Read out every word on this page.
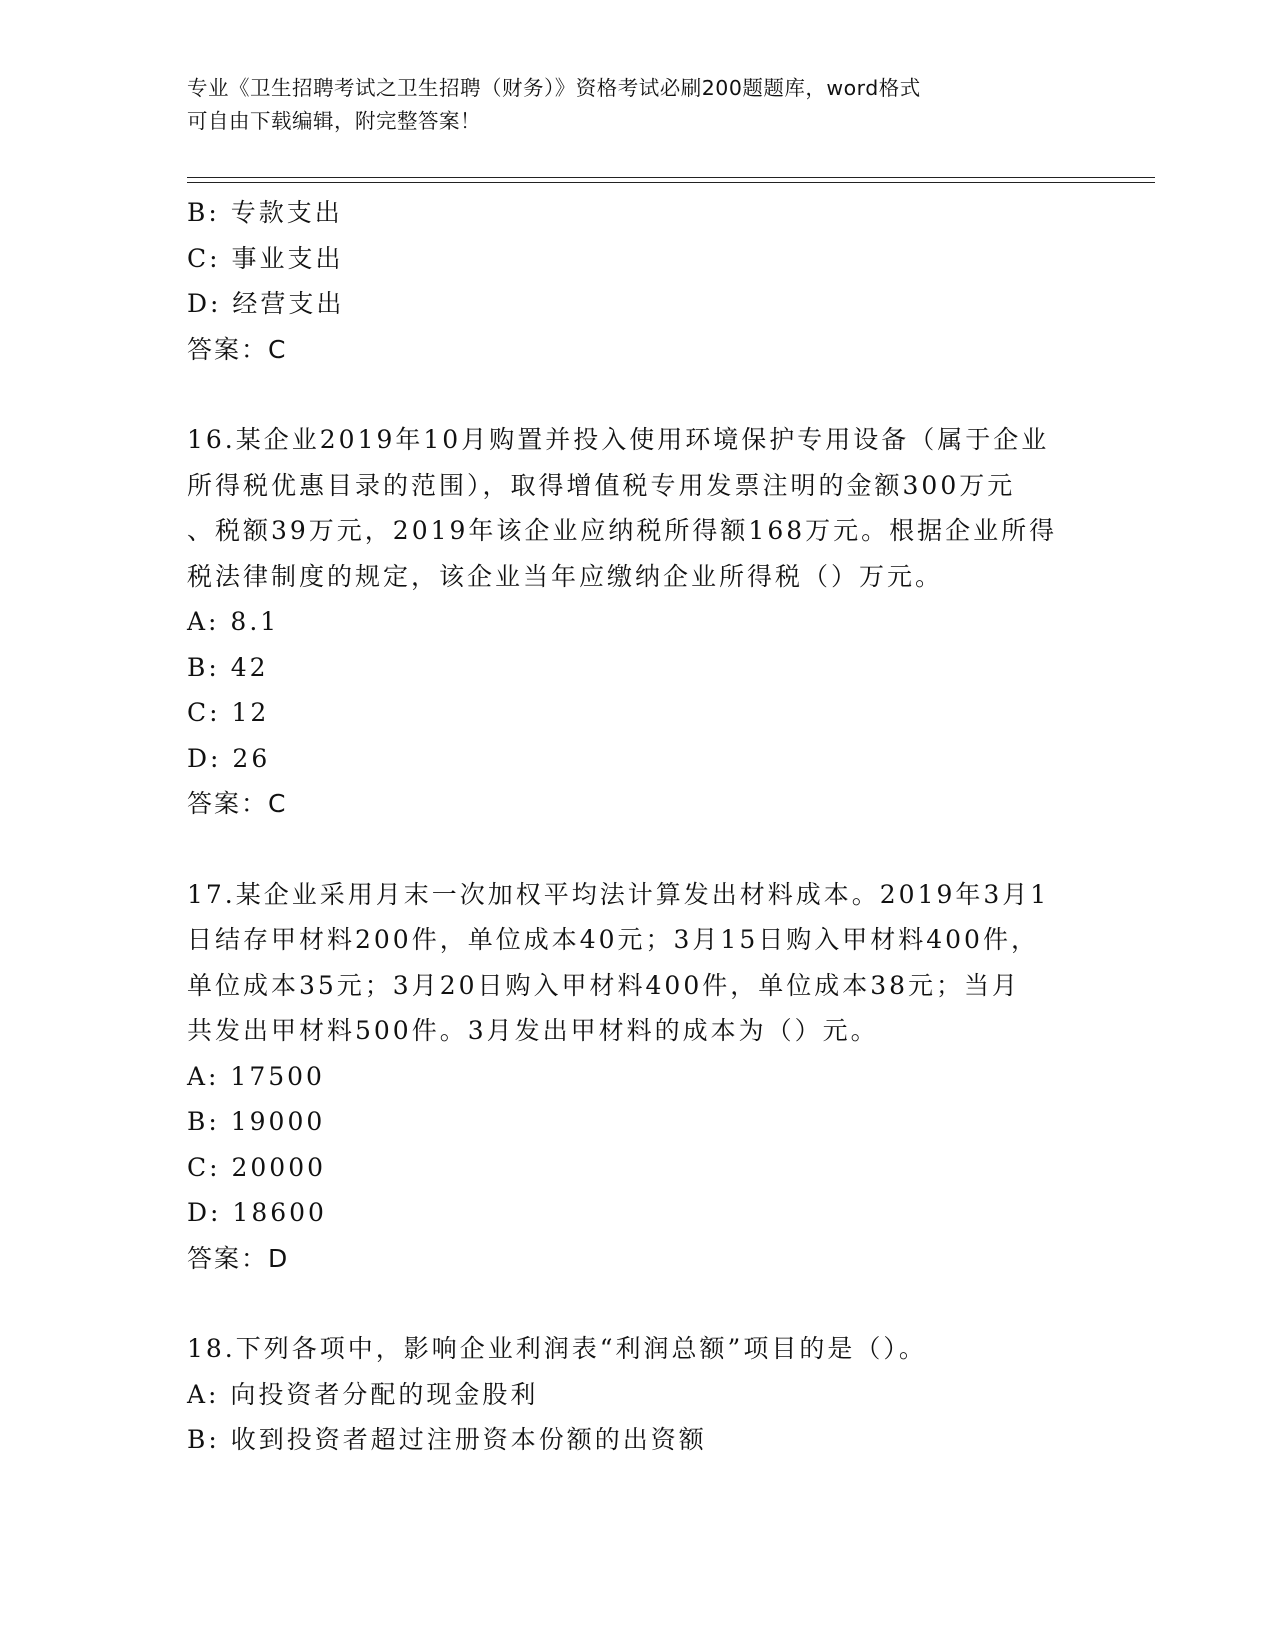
专业《卫生招聘考试之卫生招聘（财务）》资格考试必刷200题题库，word格式
可自由下载编辑，附完整答案！
B: 专款支出
C: 事业支出
D: 经营支出
答案：C
16.某企业2019年10月购置并投入使用环境保护专用设备（属于企业
所得税优惠目录的范围），取得增值税专用发票注明的金额300万元
、税额39万元，2019年该企业应纳税所得额168万元。根据企业所得
税法律制度的规定，该企业当年应缴纳企业所得税（）万元。
A: 8.1
B: 42
C: 12
D: 26
答案：C
17.某企业采用月末一次加权平均法计算发出材料成本。2019年3月1
日结存甲材料200件，单位成本40元；3月15日购入甲材料400件，
单位成本35元；3月20日购入甲材料400件，单位成本38元；当月
共发出甲材料500件。3月发出甲材料的成本为（）元。
A: 17500
B: 19000
C: 20000
D: 18600
答案：D
18.下列各项中，影响企业利润表“利润总额”项目的是（）。
A: 向投资者分配的现金股利
B: 收到投资者超过注册资本份额的出资额
